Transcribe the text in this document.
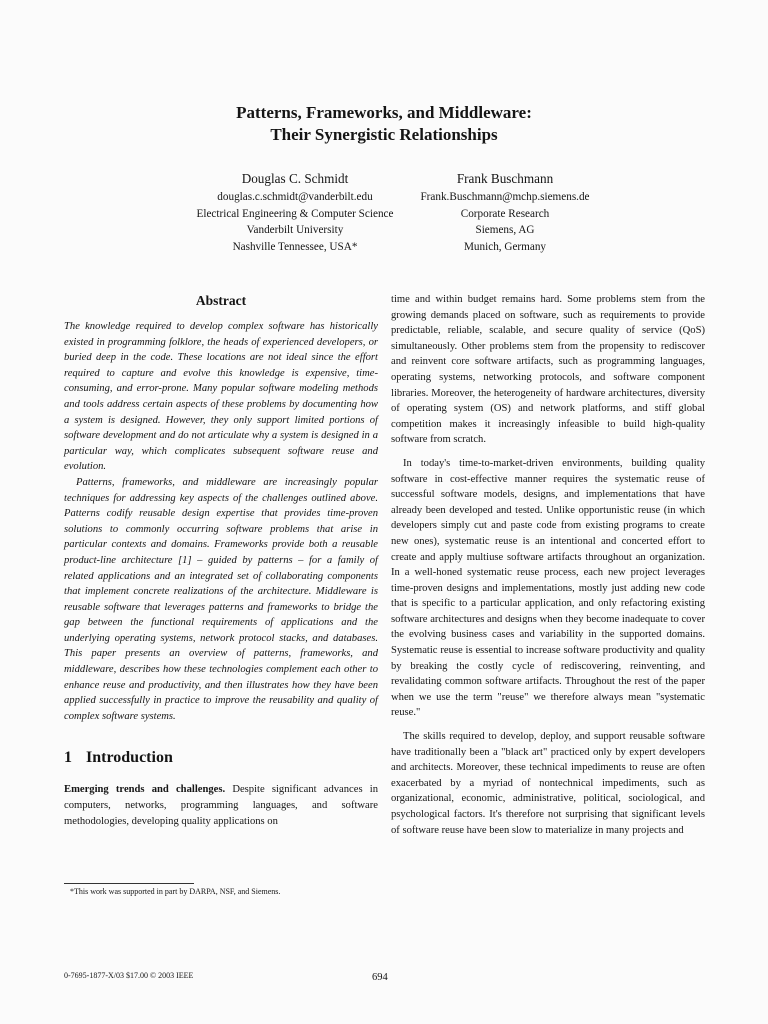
Patterns, Frameworks, and Middleware:
Their Synergistic Relationships
Douglas C. Schmidt
douglas.c.schmidt@vanderbilt.edu
Electrical Engineering & Computer Science
Vanderbilt University
Nashville Tennessee, USA*
Frank Buschmann
Frank.Buschmann@mchp.siemens.de
Corporate Research
Siemens, AG
Munich, Germany
Abstract

The knowledge required to develop complex software has historically existed in programming folklore, the heads of experienced developers, or buried deep in the code. These locations are not ideal since the effort required to capture and evolve this knowledge is expensive, time-consuming, and error-prone. Many popular software modeling methods and tools address certain aspects of these problems by documenting how a system is designed. However, they only support limited portions of software development and do not articulate why a system is designed in a particular way, which complicates subsequent software reuse and evolution.

Patterns, frameworks, and middleware are increasingly popular techniques for addressing key aspects of the challenges outlined above. Patterns codify reusable design expertise that provides time-proven solutions to commonly occurring software problems that arise in particular contexts and domains. Frameworks provide both a reusable product-line architecture [1] – guided by patterns – for a family of related applications and an integrated set of collaborating components that implement concrete realizations of the architecture. Middleware is reusable software that leverages patterns and frameworks to bridge the gap between the functional requirements of applications and the underlying operating systems, network protocol stacks, and databases. This paper presents an overview of patterns, frameworks, and middleware, describes how these technologies complement each other to enhance reuse and productivity, and then illustrates how they have been applied successfully in practice to improve the reusability and quality of complex software systems.

1 Introduction

Emerging trends and challenges. Despite significant advances in computers, networks, programming languages, and software methodologies, developing quality applications on

time and within budget remains hard. Some problems stem from the growing demands placed on software, such as requirements to provide predictable, reliable, scalable, and secure quality of service (QoS) simultaneously. Other problems stem from the propensity to rediscover and reinvent core software artifacts, such as programming languages, operating systems, networking protocols, and software component libraries. Moreover, the heterogeneity of hardware architectures, diversity of operating system (OS) and network platforms, and stiff global competition makes it increasingly infeasible to build high-quality software from scratch.

In today's time-to-market-driven environments, building quality software in cost-effective manner requires the systematic reuse of successful software models, designs, and implementations that have already been developed and tested. Unlike opportunistic reuse (in which developers simply cut and paste code from existing programs to create new ones), systematic reuse is an intentional and concerted effort to create and apply multiuse software artifacts throughout an organization. In a well-honed systematic reuse process, each new project leverages time-proven designs and implementations, mostly just adding new code that is specific to a particular application, and only refactoring existing software architectures and designs when they become inadequate to cover the evolving business cases and variability in the supported domains. Systematic reuse is essential to increase software productivity and quality by breaking the costly cycle of rediscovering, reinventing, and revalidating common software artifacts. Throughout the rest of the paper when we use the term "reuse" we therefore always mean "systematic reuse."

The skills required to develop, deploy, and support reusable software have traditionally been a "black art" practiced only by expert developers and architects. Moreover, these technical impediments to reuse are often exacerbated by a myriad of nontechnical impediments, such as organizational, economic, administrative, political, sociological, and psychological factors. It's therefore not surprising that significant levels of software reuse have been slow to materialize in many projects and

*This work was supported in part by DARPA, NSF, and Siemens.
0-7695-1877-X/03 $17.00 © 2003 IEEE	694
